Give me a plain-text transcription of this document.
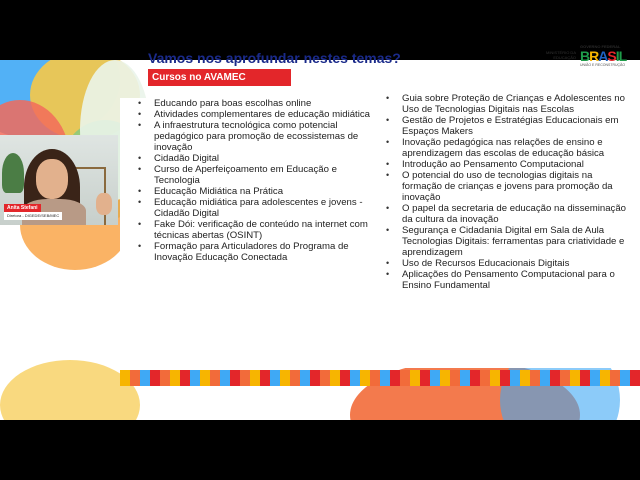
Vamos nos aprofundar nestes temas?
Cursos no AVAMEC
MINISTÉRIO DA EDUCAÇÃO
GOVERNO FEDERAL
BRASIL
UNIÃO E RECONSTRUÇÃO
• Educando para boas escolhas online
• Atividades complementares de educação midiática
• A infraestrutura tecnológica como potencial pedagógico para promoção de ecossistemas de inovação
• Cidadão Digital
• Curso de Aperfeiçoamento em Educação e Tecnologia
• Educação Midiática na Prática
• Educação midiática para adolescentes e jovens - Cidadão Digital
• Fake Dói: verificação de conteúdo na internet com técnicas abertas (OSINT)
• Formação para Articuladores do Programa de Inovação Educação Conectada
• Guia sobre Proteção de Crianças e Adolescentes no Uso de Tecnologias Digitais nas Escolas
• Gestão de Projetos e Estratégias Educacionais em Espaços Makers
• Inovação pedagógica nas relações de ensino e aprendizagem das escolas de educação básica
• Introdução ao Pensamento Computacional
• O potencial do uso de tecnologias digitais na formação de crianças e jovens para promoção da inovação
• O papel da secretaria de educação na disseminação da cultura da inovação
• Segurança e Cidadania Digital em Sala de Aula Tecnologias Digitais: ferramentas para criatividade e aprendizagem
• Uso de Recursos Educacionais Digitais
• Aplicações do Pensamento Computacional para o Ensino Fundamental
Anita Stefani
Diretora - DIGEDE/SEB/MEC
